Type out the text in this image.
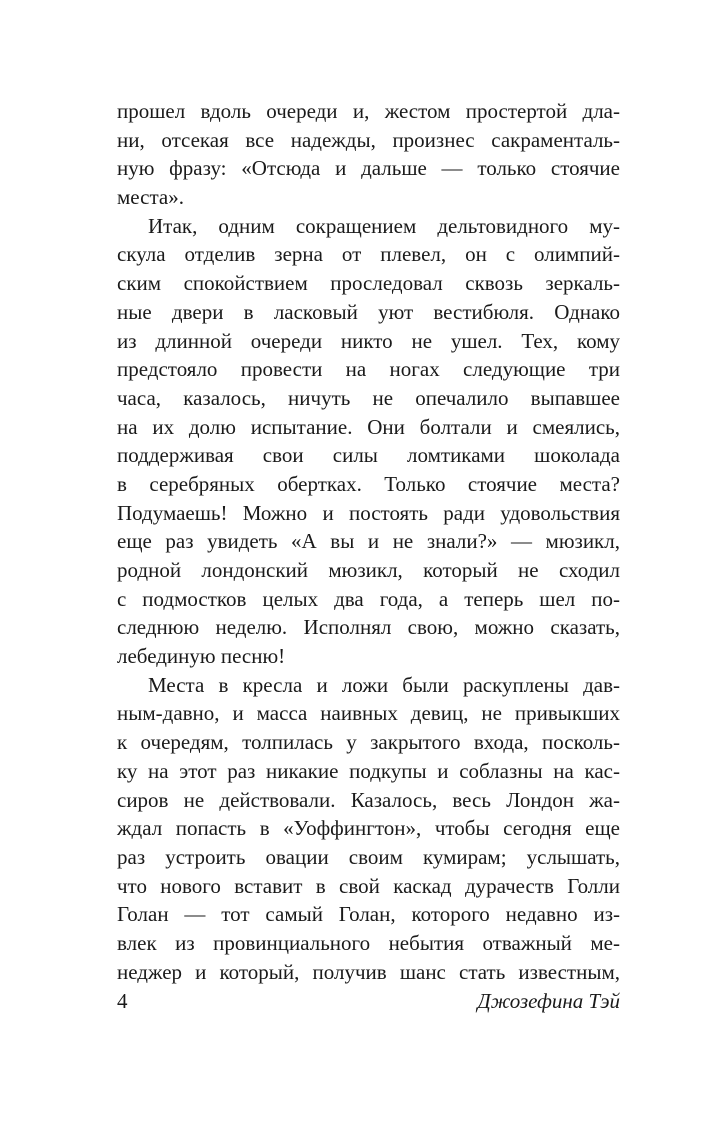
прошел вдоль очереди и, жестом простертой дла-
ни, отсекая все надежды, произнес сакраменталь-
ную фразу: «Отсюда и дальше — только стоячие
места».
Итак, одним сокращением дельтовидного му-
скула отделив зерна от плевел, он с олимпий-
ским спокойствием проследовал сквозь зеркаль-
ные двери в ласковый уют вестибюля. Однако
из длинной очереди никто не ушел. Тех, кому
предстояло провести на ногах следующие три
часа, казалось, ничуть не опечалило выпавшее
на их долю испытание. Они болтали и смеялись,
поддерживая свои силы ломтиками шоколада
в серебряных обертках. Только стоячие места?
Подумаешь! Можно и постоять ради удовольствия
еще раз увидеть «А вы и не знали?» — мюзикл,
родной лондонский мюзикл, который не сходил
с подмостков целых два года, а теперь шел по-
следнюю неделю. Исполнял свою, можно сказать,
лебединую песню!
Места в кресла и ложи были раскуплены дав-
ным-давно, и масса наивных девиц, не привыкших
к очередям, толпилась у закрытого входа, посколь-
ку на этот раз никакие подкупы и соблазны на кас-
сиров не действовали. Казалось, весь Лондон жа-
ждал попасть в «Уоффингтон», чтобы сегодня еще
раз устроить овации своим кумирам; услышать,
что нового вставит в свой каскад дурачеств Голли
Голан — тот самый Голан, которого недавно из-
влек из провинциального небытия отважный ме-
неджер и который, получив шанс стать известным,
4	Джозефина Тэй
